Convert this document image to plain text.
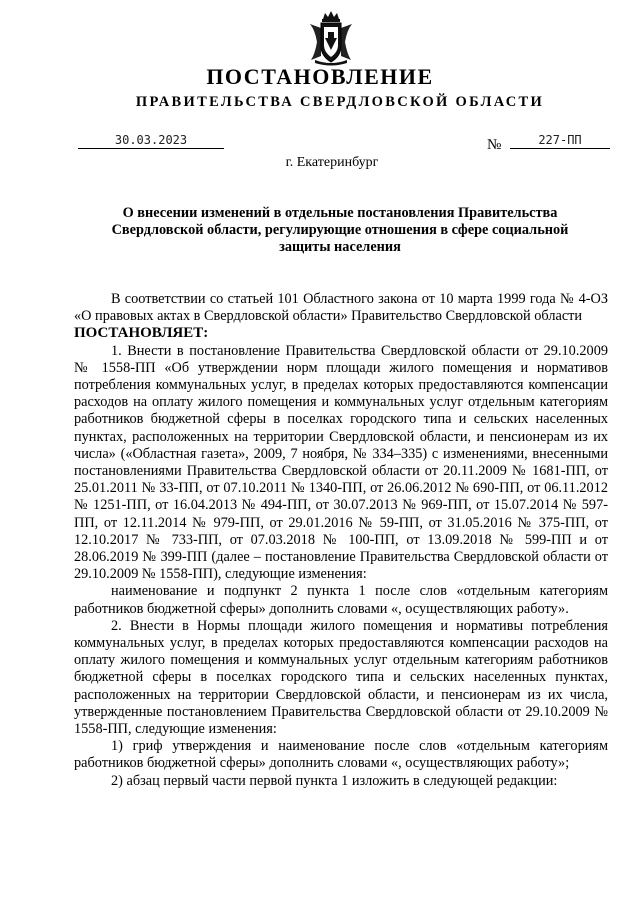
ПОСТАНОВЛЕНИЕ
ПРАВИТЕЛЬСТВА СВЕРДЛОВСКОЙ ОБЛАСТИ
30.03.2023	№	227-ПП
г. Екатеринбург
О внесении изменений в отдельные постановления Правительства Свердловской области, регулирующие отношения в сфере социальной защиты населения

В соответствии со статьей 101 Областного закона от 10 марта 1999 года № 4-ОЗ «О правовых актах в Свердловской области» Правительство Свердловской области

ПОСТАНОВЛЯЕТ:

1. Внести в постановление Правительства Свердловской области от 29.10.2009 № 1558-ПП «Об утверждении норм площади жилого помещения и нормативов потребления коммунальных услуг, в пределах которых предоставляются компенсации расходов на оплату жилого помещения и коммунальных услуг отдельным категориям работников бюджетной сферы в поселках городского типа и сельских населенных пунктах, расположенных на территории Свердловской области, и пенсионерам из их числа» («Областная газета», 2009, 7 ноября, № 334–335) с изменениями, внесенными постановлениями Правительства Свердловской области от 20.11.2009 № 1681-ПП, от 25.01.2011 № 33-ПП, от 07.10.2011 № 1340-ПП, от 26.06.2012 № 690-ПП, от 06.11.2012 № 1251-ПП, от 16.04.2013 № 494-ПП, от 30.07.2013 № 969-ПП, от 15.07.2014 № 597-ПП, от 12.11.2014 № 979-ПП, от 29.01.2016 № 59-ПП, от 31.05.2016 № 375-ПП, от 12.10.2017 № 733-ПП, от 07.03.2018 № 100-ПП, от 13.09.2018 № 599-ПП и от 28.06.2019 № 399-ПП (далее – постановление Правительства Свердловской области от 29.10.2009 № 1558-ПП), следующие изменения:

наименование и подпункт 2 пункта 1 после слов «отдельным категориям работников бюджетной сферы» дополнить словами «, осуществляющих работу».

2. Внести в Нормы площади жилого помещения и нормативы потребления коммунальных услуг, в пределах которых предоставляются компенсации расходов на оплату жилого помещения и коммунальных услуг отдельным категориям работников бюджетной сферы в поселках городского типа и сельских населенных пунктах, расположенных на территории Свердловской области, и пенсионерам из их числа, утвержденные постановлением Правительства Свердловской области от 29.10.2009 № 1558-ПП, следующие изменения:

1) гриф утверждения и наименование после слов «отдельным категориям работников бюджетной сферы» дополнить словами «, осуществляющих работу»;

2) абзац первый части первой пункта 1 изложить в следующей редакции:
